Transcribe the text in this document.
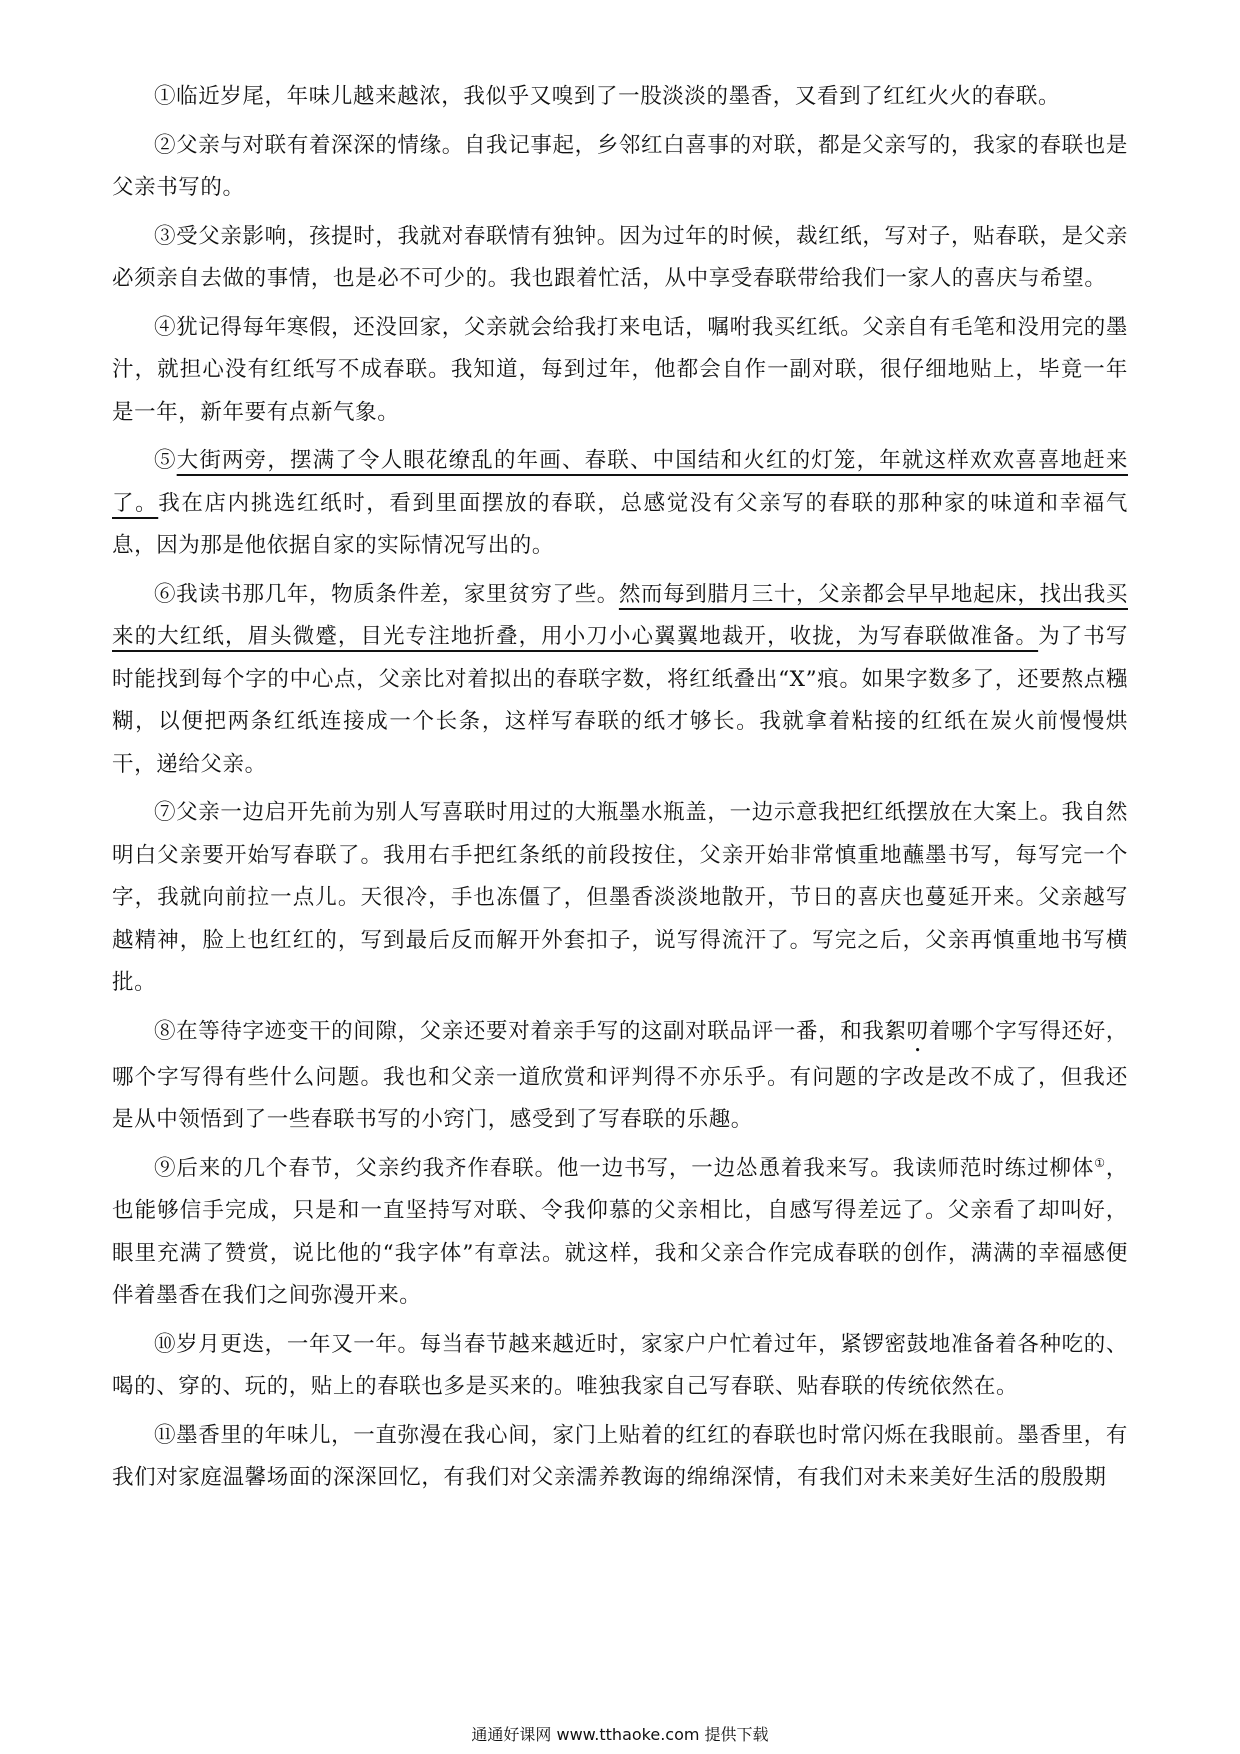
①临近岁尾，年味儿越来越浓，我似乎又嗅到了一股淡淡的墨香，又看到了红红火火的春联。

②父亲与对联有着深深的情缘。自我记事起，乡邻红白喜事的对联，都是父亲写的，我家的春联也是父亲书写的。

③受父亲影响，孩提时，我就对春联情有独钟。因为过年的时候，裁红纸，写对子，贴春联，是父亲必须亲自去做的事情，也是必不可少的。我也跟着忙活，从中享受春联带给我们一家人的喜庆与希望。

④犹记得每年寒假，还没回家，父亲就会给我打来电话，嘱咐我买红纸。父亲自有毛笔和没用完的墨汁，就担心没有红纸写不成春联。我知道，每到过年，他都会自作一副对联，很仔细地贴上，毕竟一年是一年，新年要有点新气象。

⑤大街两旁，摆满了令人眼花缭乱的年画、春联、中国结和火红的灯笼，年就这样欢欢喜喜地赶来了。我在店内挑选红纸时，看到里面摆放的春联，总感觉没有父亲写的春联的那种家的味道和幸福气息，因为那是他依据自家的实际情况写出的。

⑥我读书那几年，物质条件差，家里贫穷了些。然而每到腊月三十，父亲都会早早地起床，找出我买来的大红纸，眉头微蹙，目光专注地折叠，用小刀小心翼翼地裁开，收拢，为写春联做准备。为了书写时能找到每个字的中心点，父亲比对着拟出的春联字数，将红纸叠出“X”痕。如果字数多了，还要熬点糨糊，以便把两条红纸连接成一个长条，这样写春联的纸才够长。我就拿着粘接的红纸在炭火前慢慢烘干，递给父亲。

⑦父亲一边启开先前为别人写喜联时用过的大瓶墨水瓶盖，一边示意我把红纸摆放在大案上。我自然明白父亲要开始写春联了。我用右手把红条纸的前段按住，父亲开始非常慎重地蘸墨书写，每写完一个字，我就向前拉一点儿。天很冷，手也冻僵了，但墨香淡淡地散开，节日的喜庆也蔓延开来。父亲越写越精神，脸上也红红的，写到最后反而解开外套扣子，说写得流汗了。写完之后，父亲再慎重地书写横批。

⑧在等待字迹变干的间隙，父亲还要对着亲手写的这副对联品评一番，和我絮叨着哪个字写得还好，哪个字写得有些什么问题。我也和父亲一道欣赏和评判得不亦乐乎。有问题的字改是改不成了，但我还是从中领悟到了一些春联书写的小窍门，感受到了写春联的乐趣。

⑨后来的几个春节，父亲约我齐作春联。他一边书写，一边怂恿着我来写。我读师范时练过柳体①，也能够信手完成，只是和一直坚持写对联、令我仰慕的父亲相比，自感写得差远了。父亲看了却叫好，眼里充满了赞赏，说比他的“我字体”有章法。就这样，我和父亲合作完成春联的创作，满满的幸福感便伴着墨香在我们之间弥漫开来。

⑩岁月更迭，一年又一年。每当春节越来越近时，家家户户忙着过年，紧锣密鼓地准备着各种吃的、喝的、穿的、玩的，贴上的春联也多是买来的。唯独我家自己写春联、贴春联的传统依然在。

⑪墨香里的年味儿，一直弥漫在我心间，家门上贴着的红红的春联也时常闪烁在我眼前。墨香里，有我们对家庭温馨场面的深深回忆，有我们对父亲濡养教诲的绵绵深情，有我们对未来美好生活的殷殷期

通通好课网 www.tthaoke.com 提供下载
